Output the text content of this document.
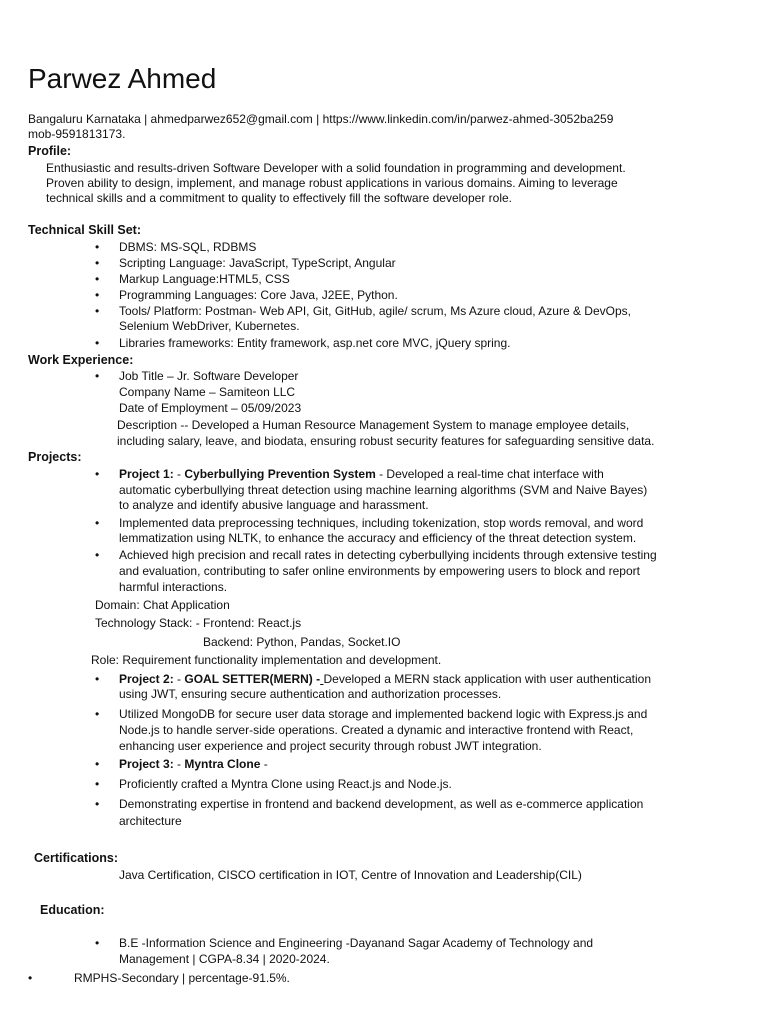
Parwez Ahmed
Bangaluru Karnataka | ahmedparwez652@gmail.com | https://www.linkedin.com/in/parwez-ahmed-3052ba259
mob-9591813173.
Profile:
Enthusiastic and results-driven Software Developer with a solid foundation in programming and development.
Proven ability to design, implement, and manage robust applications in various domains. Aiming to leverage
technical skills and a commitment to quality to effectively fill the software developer role.
Technical Skill Set:
• DBMS: MS-SQL, RDBMS
• Scripting Language: JavaScript, TypeScript, Angular
• Markup Language:HTML5, CSS
• Programming Languages: Core Java, J2EE, Python.
• Tools/ Platform: Postman- Web API, Git, GitHub, agile/ scrum, Ms Azure cloud, Azure & DevOps,
Selenium WebDriver, Kubernetes.
• Libraries frameworks: Entity framework, asp.net core MVC, jQuery spring.
Work Experience:
• Job Title – Jr. Software Developer
Company Name – Samiteon LLC
Date of Employment – 05/09/2023
Description -- Developed a Human Resource Management System to manage employee details,
including salary, leave, and biodata, ensuring robust security features for safeguarding sensitive data.
Projects:
• Project 1: - Cyberbullying Prevention System - Developed a real-time chat interface with
automatic cyberbullying threat detection using machine learning algorithms (SVM and Naive Bayes)
to analyze and identify abusive language and harassment.
• Implemented data preprocessing techniques, including tokenization, stop words removal, and word
lemmatization using NLTK, to enhance the accuracy and efficiency of the threat detection system.
• Achieved high precision and recall rates in detecting cyberbullying incidents through extensive testing
and evaluation, contributing to safer online environments by empowering users to block and report
harmful interactions.
Domain: Chat Application
Technology Stack: - Frontend: React.js
Backend: Python, Pandas, Socket.IO
Role: Requirement functionality implementation and development.
• Project 2: - GOAL SETTER(MERN) - Developed a MERN stack application with user authentication
using JWT, ensuring secure authentication and authorization processes.
• Utilized MongoDB for secure user data storage and implemented backend logic with Express.js and
Node.js to handle server-side operations. Created a dynamic and interactive frontend with React,
enhancing user experience and project security through robust JWT integration.
• Project 3: - Myntra Clone -
• Proficiently crafted a Myntra Clone using React.js and Node.js.
• Demonstrating expertise in frontend and backend development, as well as e-commerce application
architecture
Certifications:
Java Certification, CISCO certification in IOT, Centre of Innovation and Leadership(CIL)
Education:
• B.E -Information Science and Engineering -Dayanand Sagar Academy of Technology and
Management | CGPA-8.34 | 2020-2024.
•	RMPHS-Secondary | percentage-91.5%.
